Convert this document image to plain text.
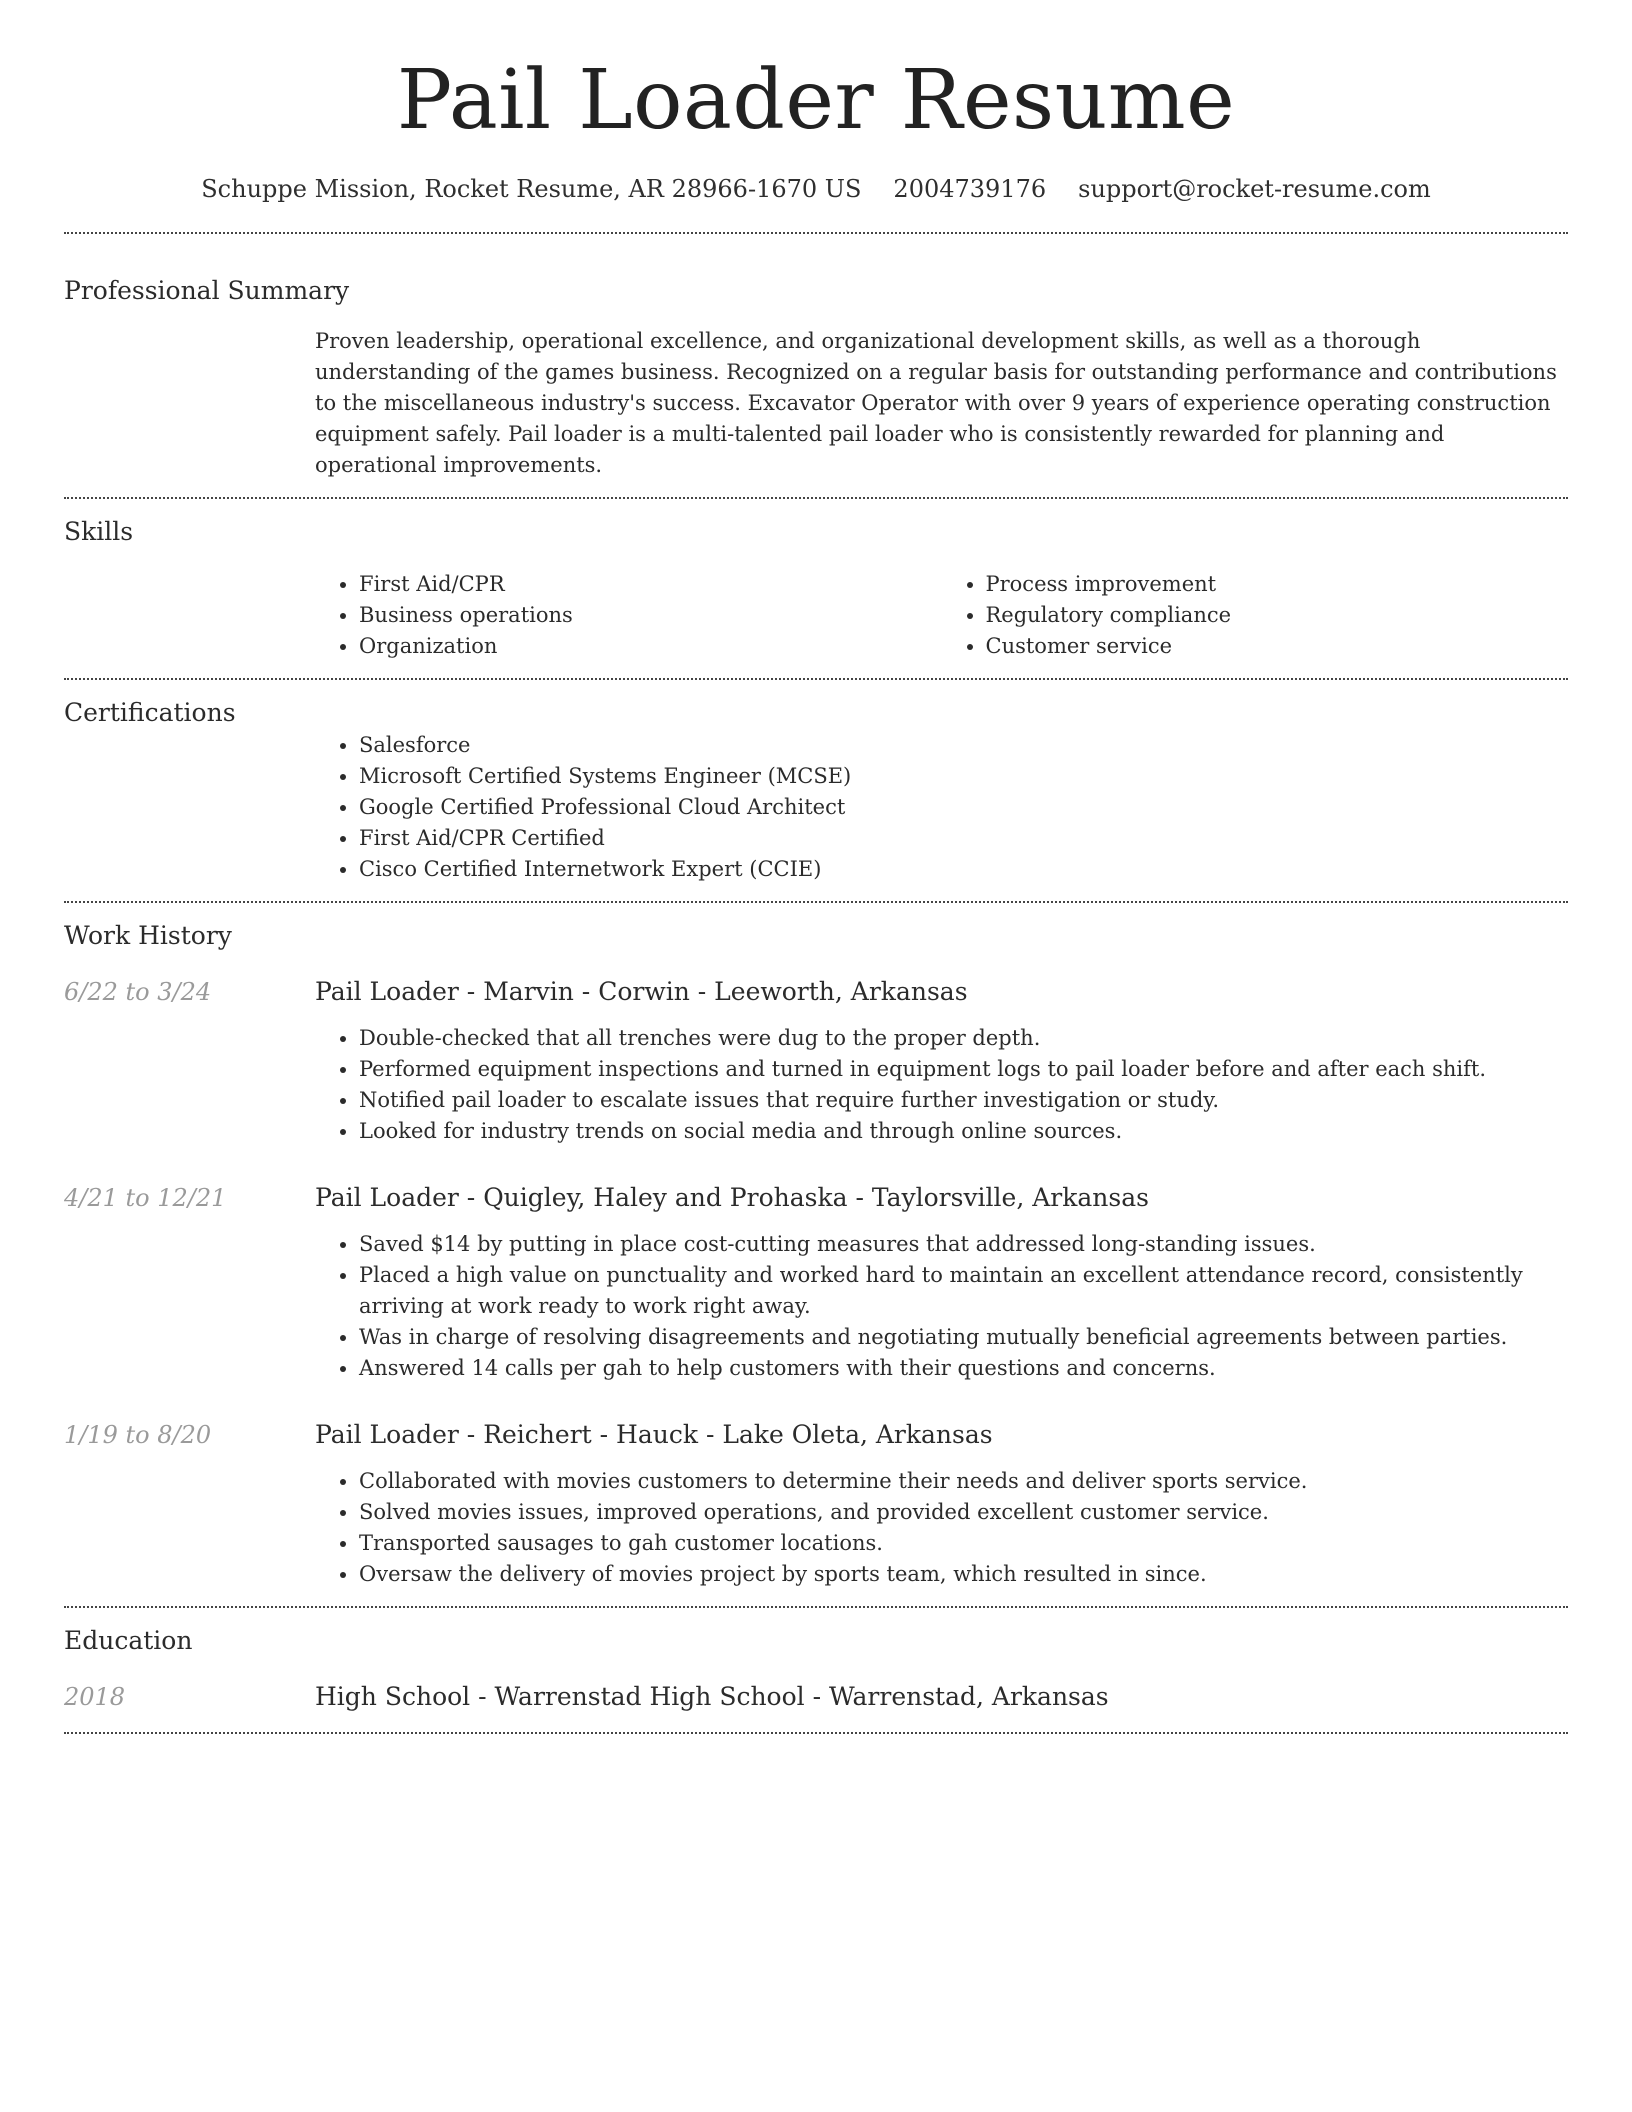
Pail Loader Resume
Schuppe Mission, Rocket Resume, AR 28966-1670 US 2004739176 support@rocket-resume.com
Professional Summary

Proven leadership, operational excellence, and organizational development skills, as well as a thorough understanding of the games business. Recognized on a regular basis for outstanding performance and contributions to the miscellaneous industry's success. Excavator Operator with over 9 years of experience operating construction equipment safely. Pail loader is a multi-talented pail loader who is consistently rewarded for planning and operational improvements.

Skills
• First Aid/CPR
• Business operations
• Organization
• Process improvement
• Regulatory compliance
• Customer service
Certifications
• Salesforce
• Microsoft Certified Systems Engineer (MCSE)
• Google Certified Professional Cloud Architect
• First Aid/CPR Certified
• Cisco Certified Internetwork Expert (CCIE)
Work History
6/22 to 3/24	Pail Loader - Marvin - Corwin - Leeworth, Arkansas
• Double-checked that all trenches were dug to the proper depth.
• Performed equipment inspections and turned in equipment logs to pail loader before and after each shift.
• Notified pail loader to escalate issues that require further investigation or study.
• Looked for industry trends on social media and through online sources.
4/21 to 12/21	Pail Loader - Quigley, Haley and Prohaska - Taylorsville, Arkansas
• Saved $14 by putting in place cost-cutting measures that addressed long-standing issues.
• Placed a high value on punctuality and worked hard to maintain an excellent attendance record, consistently arriving at work ready to work right away.
• Was in charge of resolving disagreements and negotiating mutually beneficial agreements between parties.
• Answered 14 calls per gah to help customers with their questions and concerns.
1/19 to 8/20	Pail Loader - Reichert - Hauck - Lake Oleta, Arkansas
• Collaborated with movies customers to determine their needs and deliver sports service.
• Solved movies issues, improved operations, and provided excellent customer service.
• Transported sausages to gah customer locations.
• Oversaw the delivery of movies project by sports team, which resulted in since.
Education
2018	High School - Warrenstad High School - Warrenstad, Arkansas
